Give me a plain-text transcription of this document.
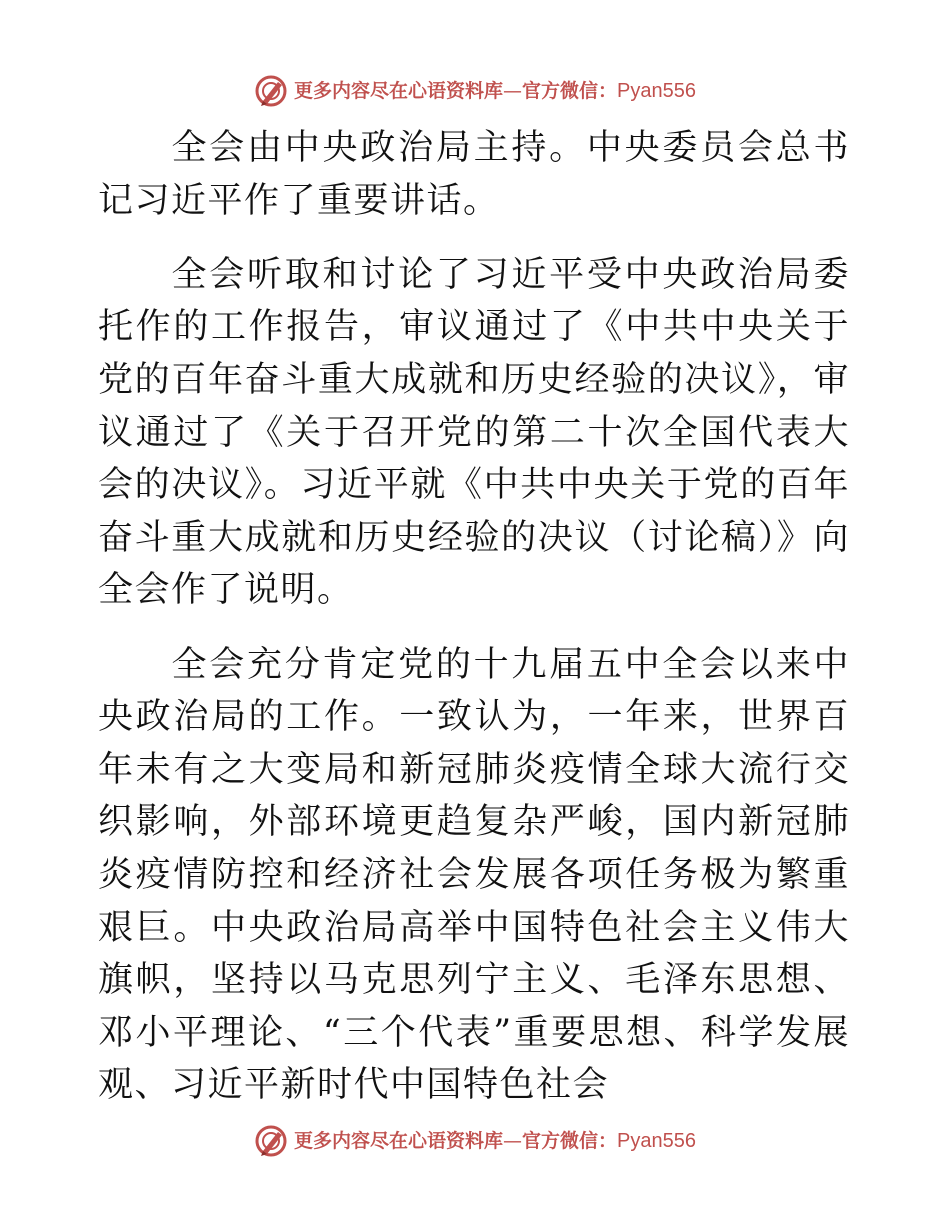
更多内容尽在心语资料库 — 官方微信： Pyan556

全会由中央政治局主持。中央委员会总书记习近平作了重要讲话。

全会听取和讨论了习近平受中央政治局委托作的工作报告，审议通过了《中共中央关于党的百年奋斗重大成就和历史经验的决议》，审议通过了《关于召开党的第二十次全国代表大会的决议》。习近平就《中共中央关于党的百年奋斗重大成就和历史经验的决议（讨论稿）》向全会作了说明。

全会充分肯定党的十九届五中全会以来中央政治局的工作。一致认为，一年来，世界百年未有之大变局和新冠肺炎疫情全球大流行交织影响，外部环境更趋复杂严峻，国内新冠肺炎疫情防控和经济社会发展各项任务极为繁重艰巨。中央政治局高举中国特色社会主义伟大旗帜，坚持以马克思列宁主义、毛泽东思想、邓小平理论、“三个代表”重要思想、科学发展观、习近平新时代中国特色社会

更多内容尽在心语资料库 — 官方微信： Pyan556
